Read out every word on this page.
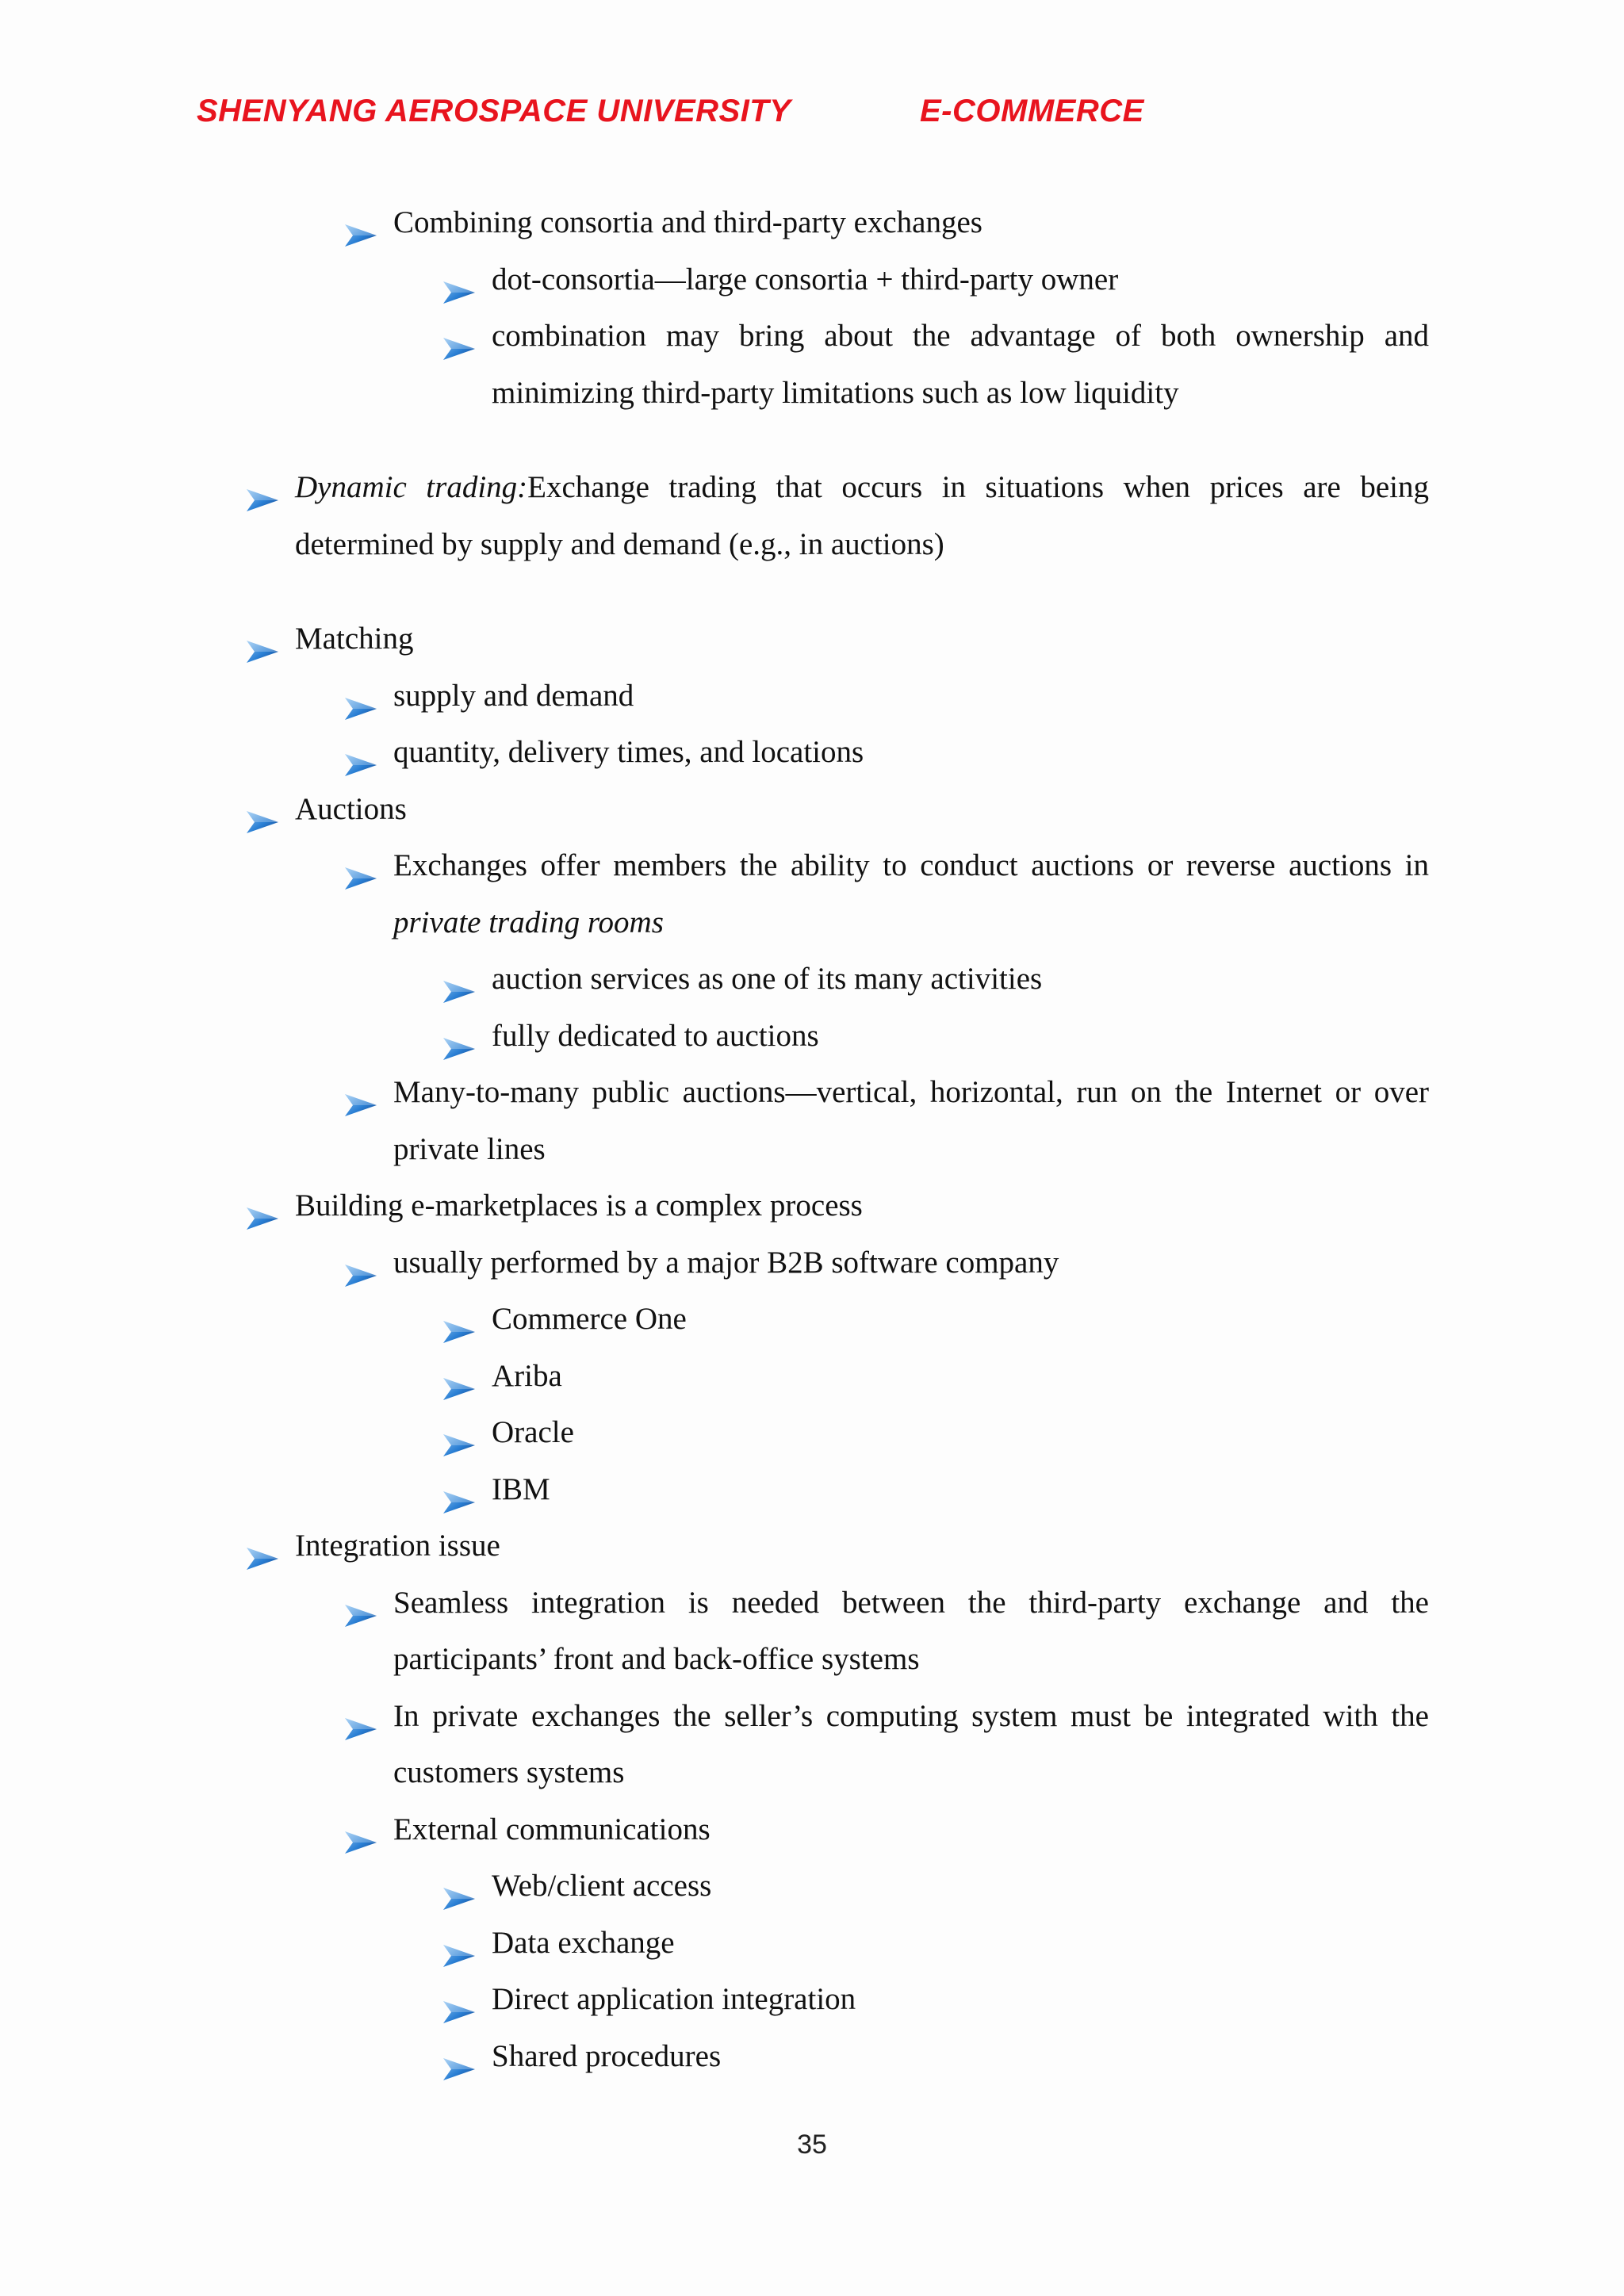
SHENYANG AEROSPACE UNIVERSITY	E-COMMERCE
Combining consortia and third-party exchanges
dot-consortia—large consortia + third-party owner
combination may bring about the advantage of both ownership and minimizing third-party limitations such as low liquidity
Dynamic trading:Exchange trading that occurs in situations when prices are being determined by supply and demand (e.g., in auctions)
Matching
supply and demand
quantity, delivery times, and locations
Auctions
Exchanges offer members the ability to conduct auctions or reverse auctions in private trading rooms
auction services as one of its many activities
fully dedicated to auctions
Many-to-many public auctions—vertical, horizontal, run on the Internet or over private lines
Building e-marketplaces is a complex process
usually performed by a major B2B software company
Commerce One
Ariba
Oracle
IBM
Integration issue
Seamless integration is needed between the third-party exchange and the participants’ front and back-office systems
In private exchanges the seller’s computing system must be integrated with the customers systems
External communications
Web/client access
Data exchange
Direct application integration
Shared procedures
35
